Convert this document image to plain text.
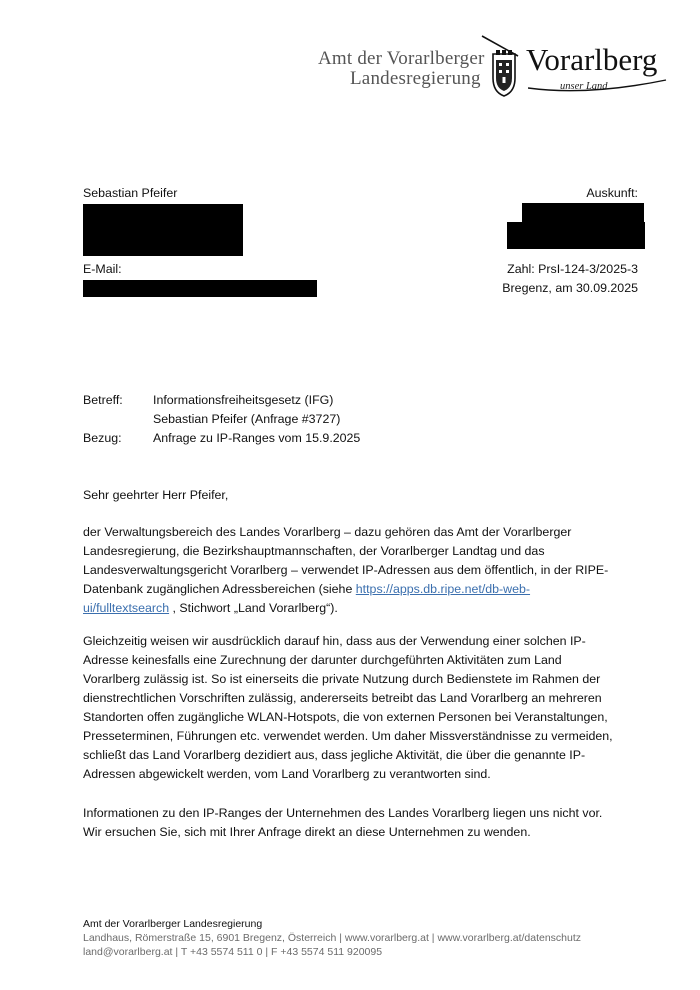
Amt der Vorarlberger
Landesregierung
Vorarlberg
unser Land
Sebastian Pfeifer
E-Mail:
Auskunft:
Zahl: PrsI-124-3/2025-3
Bregenz, am 30.09.2025
Betreff: Informationsfreiheitsgesetz (IFG)
Sebastian Pfeifer (Anfrage #3727)
Bezug:	Anfrage zu IP-Ranges vom 15.9.2025
Sehr geehrter Herr Pfeifer,

der Verwaltungsbereich des Landes Vorarlberg – dazu gehören das Amt der Vorarlberger

Landesregierung, die Bezirkshauptmannschaften, der Vorarlberger Landtag und das

Landesverwaltungsgericht Vorarlberg – verwendet IP-Adressen aus dem öffentlich, in der RIPE-

Datenbank zugänglichen Adressbereichen (siehe https://apps.db.ripe.net/db-web-

ui/fulltextsearch , Stichwort „Land Vorarlberg“).

Gleichzeitig weisen wir ausdrücklich darauf hin, dass aus der Verwendung einer solchen IP-

Adresse keinesfalls eine Zurechnung der darunter durchgeführten Aktivitäten zum Land

Vorarlberg zulässig ist. So ist einerseits die private Nutzung durch Bedienstete im Rahmen der

dienstrechtlichen Vorschriften zulässig, andererseits betreibt das Land Vorarlberg an mehreren

Standorten offen zugängliche WLAN-Hotspots, die von externen Personen bei Veranstaltungen,

Presseterminen, Führungen etc. verwendet werden. Um daher Missverständnisse zu vermeiden,

schließt das Land Vorarlberg dezidiert aus, dass jegliche Aktivität, die über die genannte IP-

Adressen abgewickelt werden, vom Land Vorarlberg zu verantworten sind.

Informationen zu den IP-Ranges der Unternehmen des Landes Vorarlberg liegen uns nicht vor.

Wir ersuchen Sie, sich mit Ihrer Anfrage direkt an diese Unternehmen zu wenden.

Amt der Vorarlberger Landesregierung
Landhaus, Römerstraße 15, 6901 Bregenz, Österreich | www.vorarlberg.at | www.vorarlberg.at/datenschutz
land@vorarlberg.at | T +43 5574 511 0 | F +43 5574 511 920095
